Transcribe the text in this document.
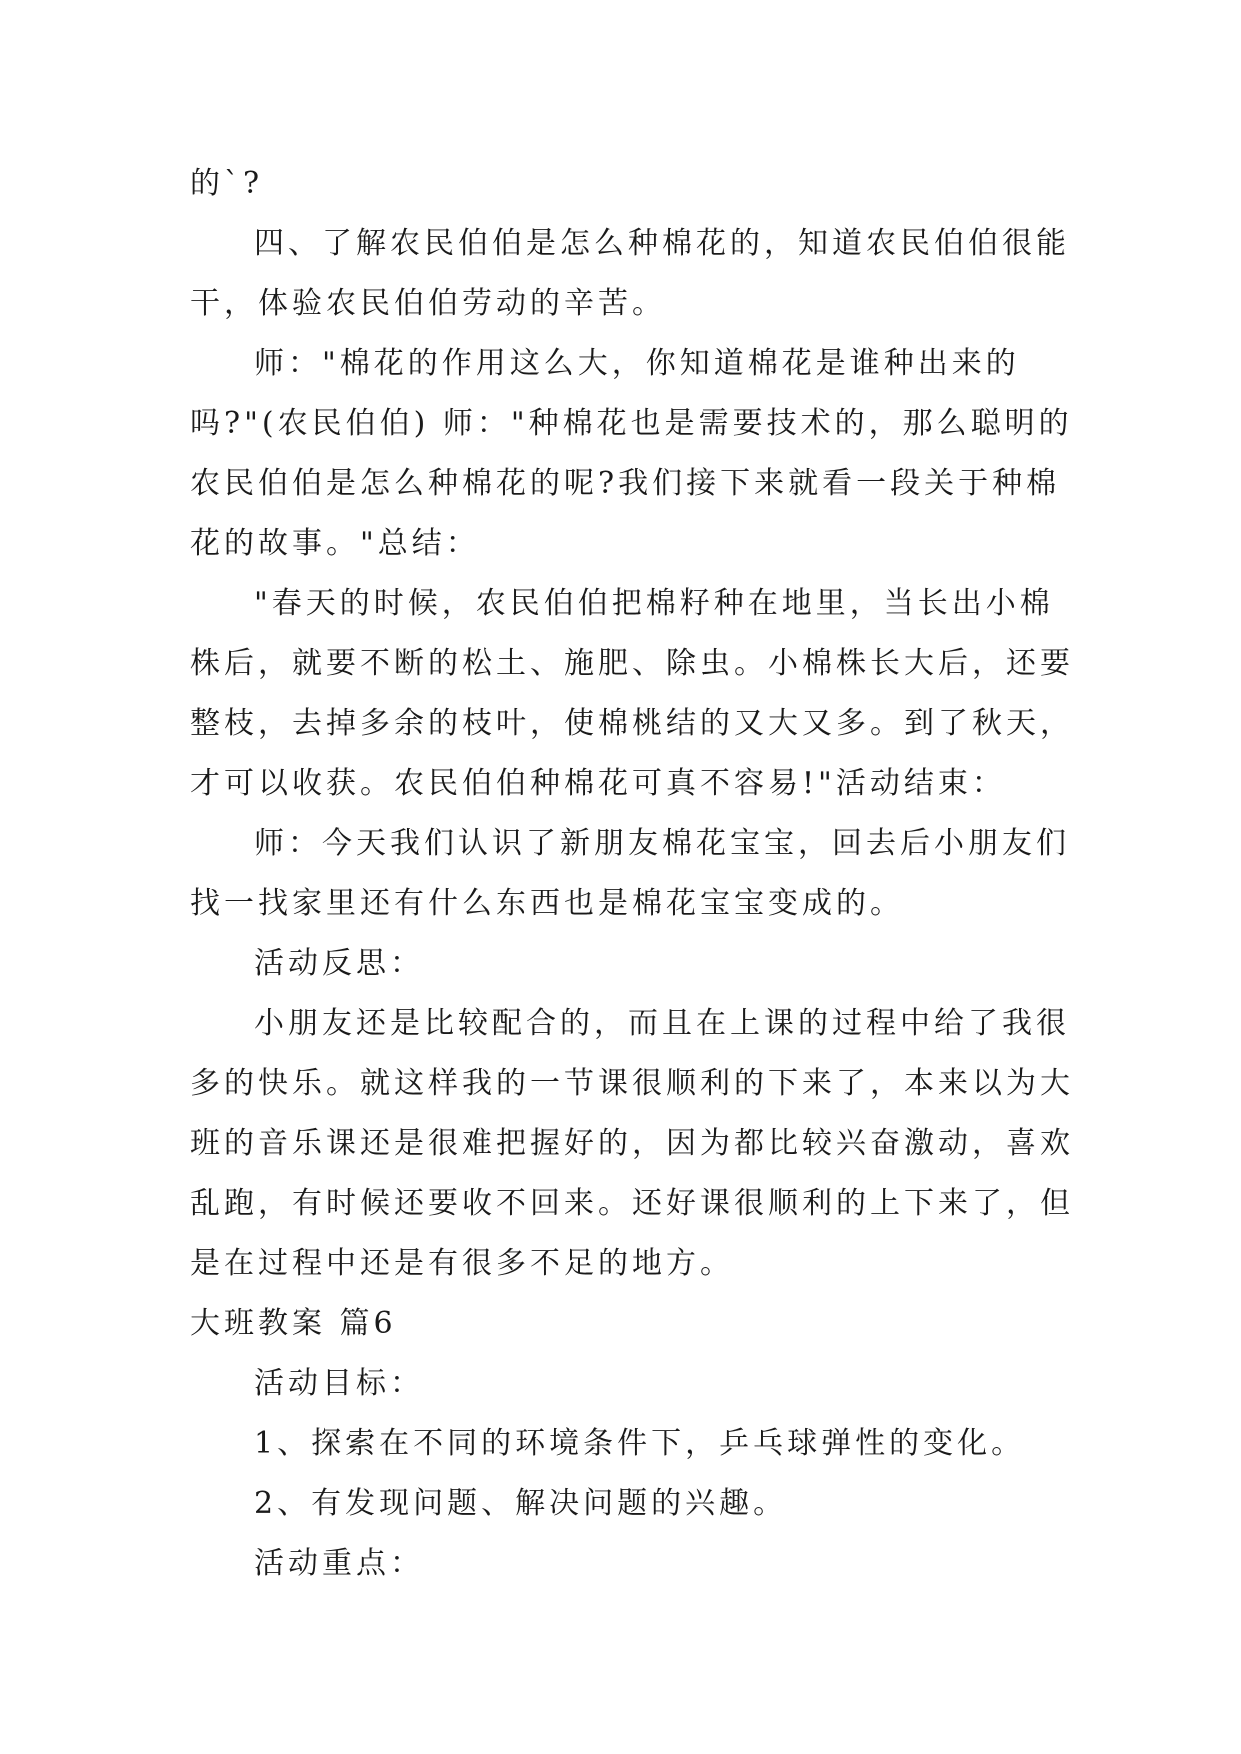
的`?
四、了解农民伯伯是怎么种棉花的，知道农民伯伯很能
干，体验农民伯伯劳动的辛苦。
师："棉花的作用这么大，你知道棉花是谁种出来的
吗?"(农民伯伯) 师："种棉花也是需要技术的，那么聪明的
农民伯伯是怎么种棉花的呢?我们接下来就看一段关于种棉
花的故事。"总结：
"春天的时候，农民伯伯把棉籽种在地里，当长出小棉
株后，就要不断的松土、施肥、除虫。小棉株长大后，还要
整枝，去掉多余的枝叶，使棉桃结的又大又多。到了秋天，
才可以收获。农民伯伯种棉花可真不容易!"活动结束：
师：今天我们认识了新朋友棉花宝宝，回去后小朋友们
找一找家里还有什么东西也是棉花宝宝变成的。
活动反思：
小朋友还是比较配合的，而且在上课的过程中给了我很
多的快乐。就这样我的一节课很顺利的下来了，本来以为大
班的音乐课还是很难把握好的，因为都比较兴奋激动，喜欢
乱跑，有时候还要收不回来。还好课很顺利的上下来了，但
是在过程中还是有很多不足的地方。
大班教案 篇6
活动目标：
1、探索在不同的环境条件下，乒乓球弹性的变化。
2、有发现问题、解决问题的兴趣。
活动重点：
